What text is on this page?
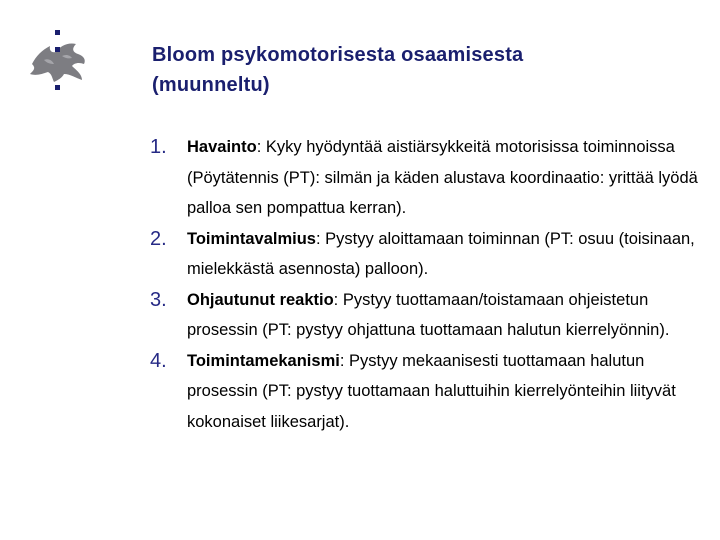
Bloom psykomotorisesta osaamisesta
(muunneltu)
1. Havainto: Kyky hyödyntää aistiärsykkeitä motorisissa toiminnoissa (Pöytätennis (PT): silmän ja käden alustava koordinaatio: yrittää lyödä palloa sen pompattua kerran).
2. Toimintavalmius: Pystyy aloittamaan toiminnan (PT: osuu (toisinaan, mielekkästä asennosta) palloon).
3. Ohjautunut reaktio: Pystyy tuottamaan/toistamaan ohjeistetun prosessin (PT: pystyy ohjattuna tuottamaan halutun kierrelyönnin).
4. Toimintamekanismi: Pystyy mekaanisesti tuottamaan halutun prosessin (PT: pystyy tuottamaan haluttuihin kierrelyönteihin liityvät kokonaiset liikesarjat).
